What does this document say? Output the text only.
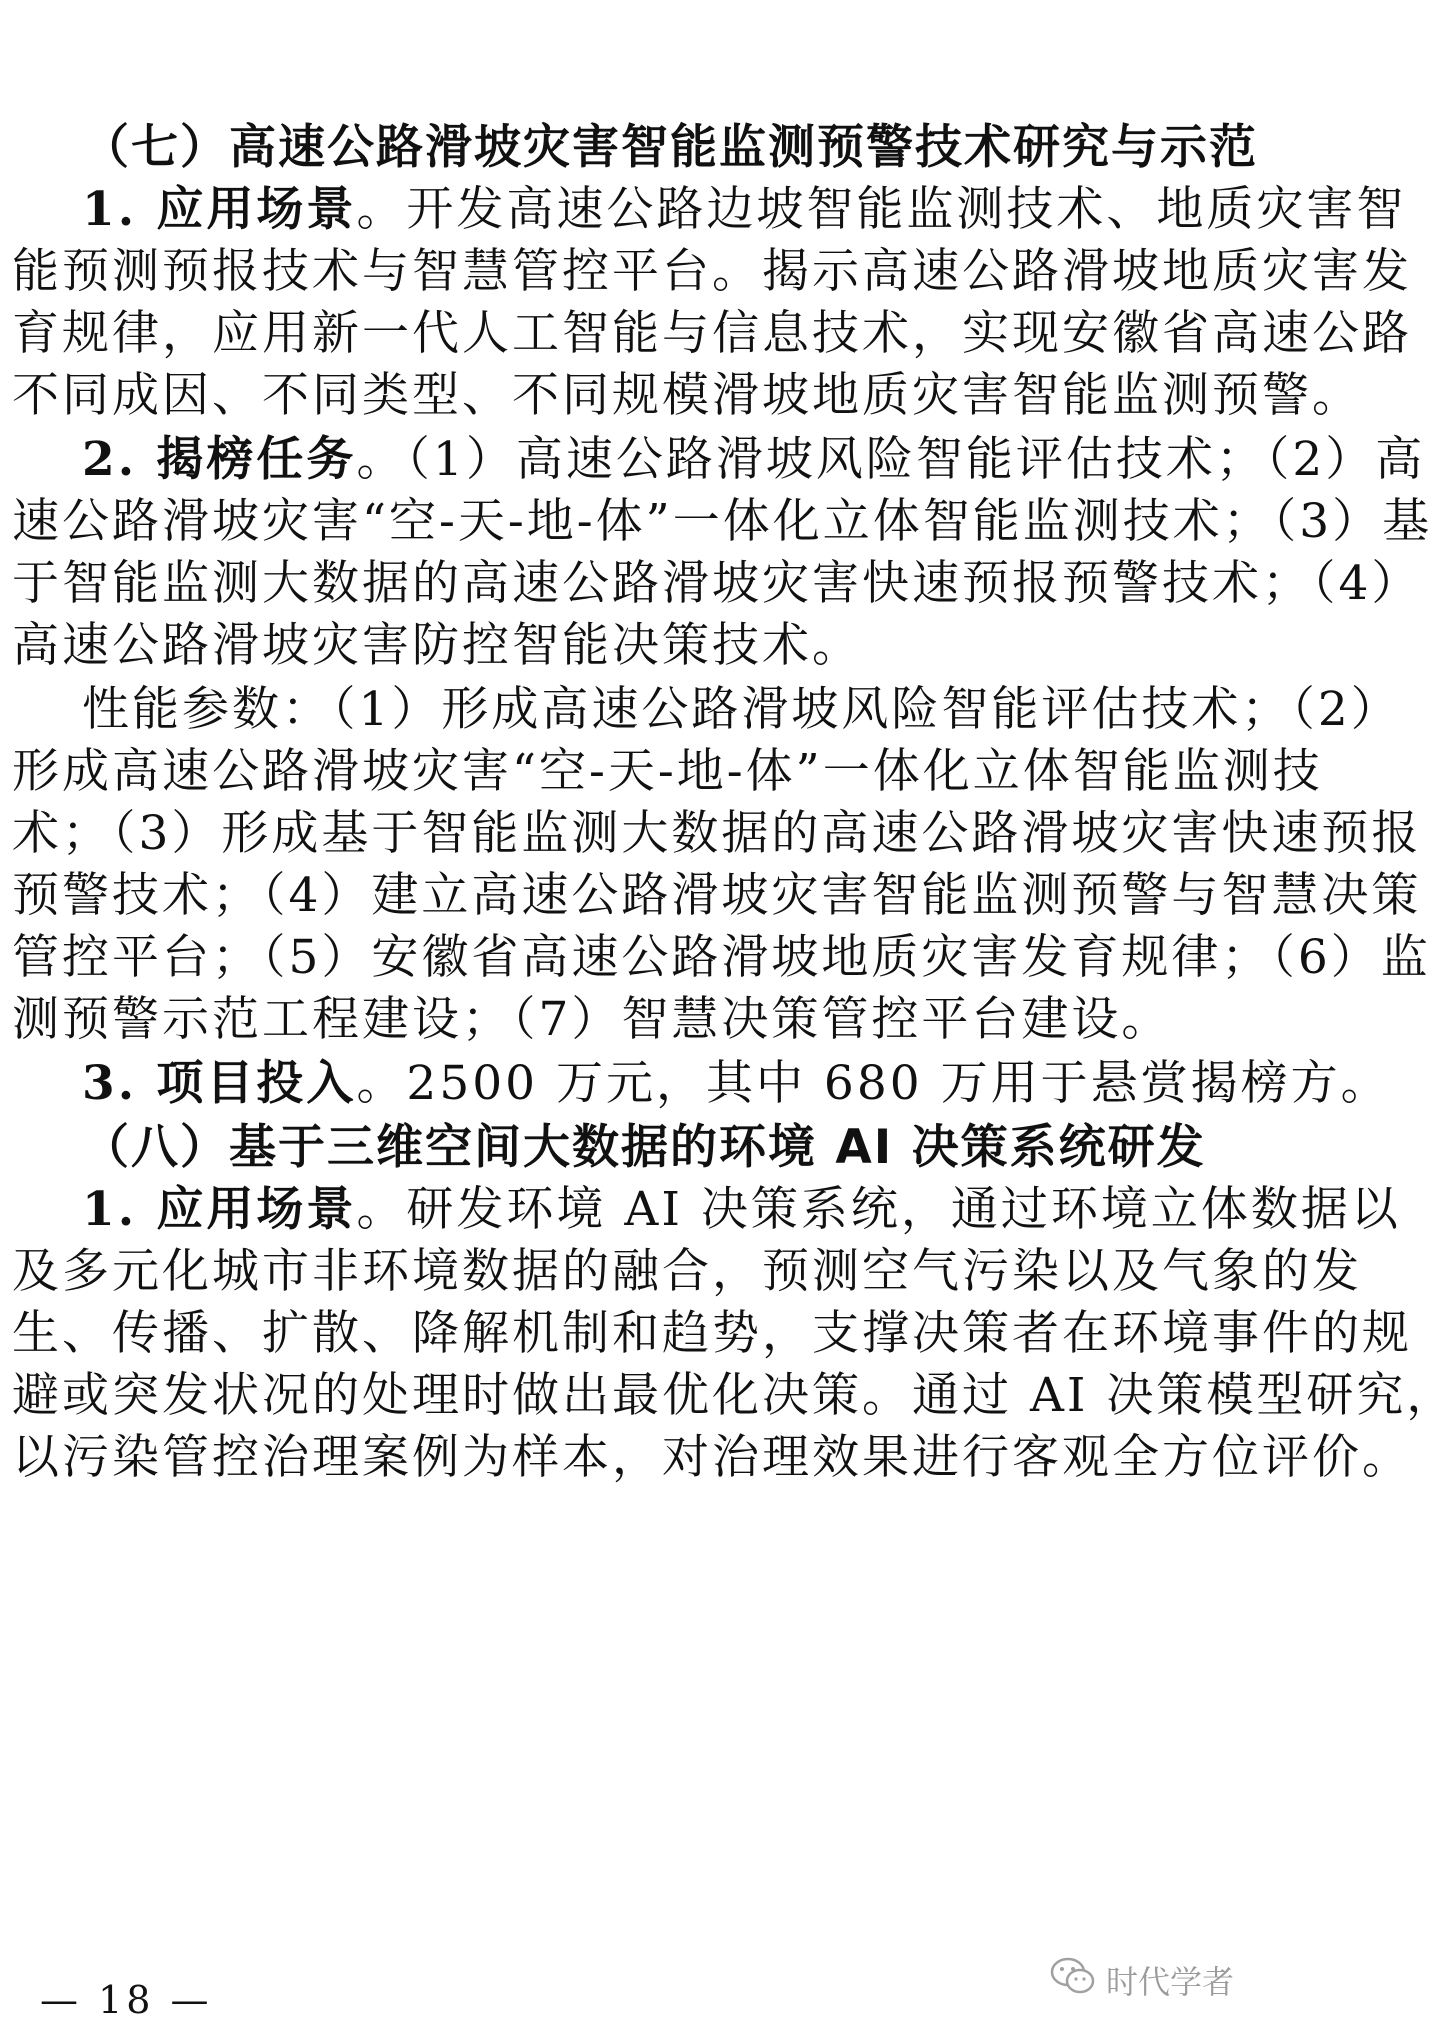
（七）高速公路滑坡灾害智能监测预警技术研究与示范
1. 应用场景。开发高速公路边坡智能监测技术、地质灾害智
能预测预报技术与智慧管控平台。揭示高速公路滑坡地质灾害发
育规律，应用新一代人工智能与信息技术，实现安徽省高速公路
不同成因、不同类型、不同规模滑坡地质灾害智能监测预警。
2. 揭榜任务。（1）高速公路滑坡风险智能评估技术；（2）高
速公路滑坡灾害“空-天-地-体”一体化立体智能监测技术；（3）基
于智能监测大数据的高速公路滑坡灾害快速预报预警技术；（4）
高速公路滑坡灾害防控智能决策技术。
性能参数：（1）形成高速公路滑坡风险智能评估技术；（2）
形成高速公路滑坡灾害“空-天-地-体”一体化立体智能监测技
术；（3）形成基于智能监测大数据的高速公路滑坡灾害快速预报
预警技术；（4）建立高速公路滑坡灾害智能监测预警与智慧决策
管控平台；（5）安徽省高速公路滑坡地质灾害发育规律；（6）监
测预警示范工程建设；（7）智慧决策管控平台建设。
3. 项目投入。2500 万元，其中 680 万用于悬赏揭榜方。
（八）基于三维空间大数据的环境 AI 决策系统研发
1. 应用场景。研发环境 AI 决策系统，通过环境立体数据以
及多元化城市非环境数据的融合，预测空气污染以及气象的发
生、传播、扩散、降解机制和趋势，支撑决策者在环境事件的规
避或突发状况的处理时做出最优化决策。通过 AI 决策模型研究，
以污染管控治理案例为样本，对治理效果进行客观全方位评价。
— 18 —	时代学者
